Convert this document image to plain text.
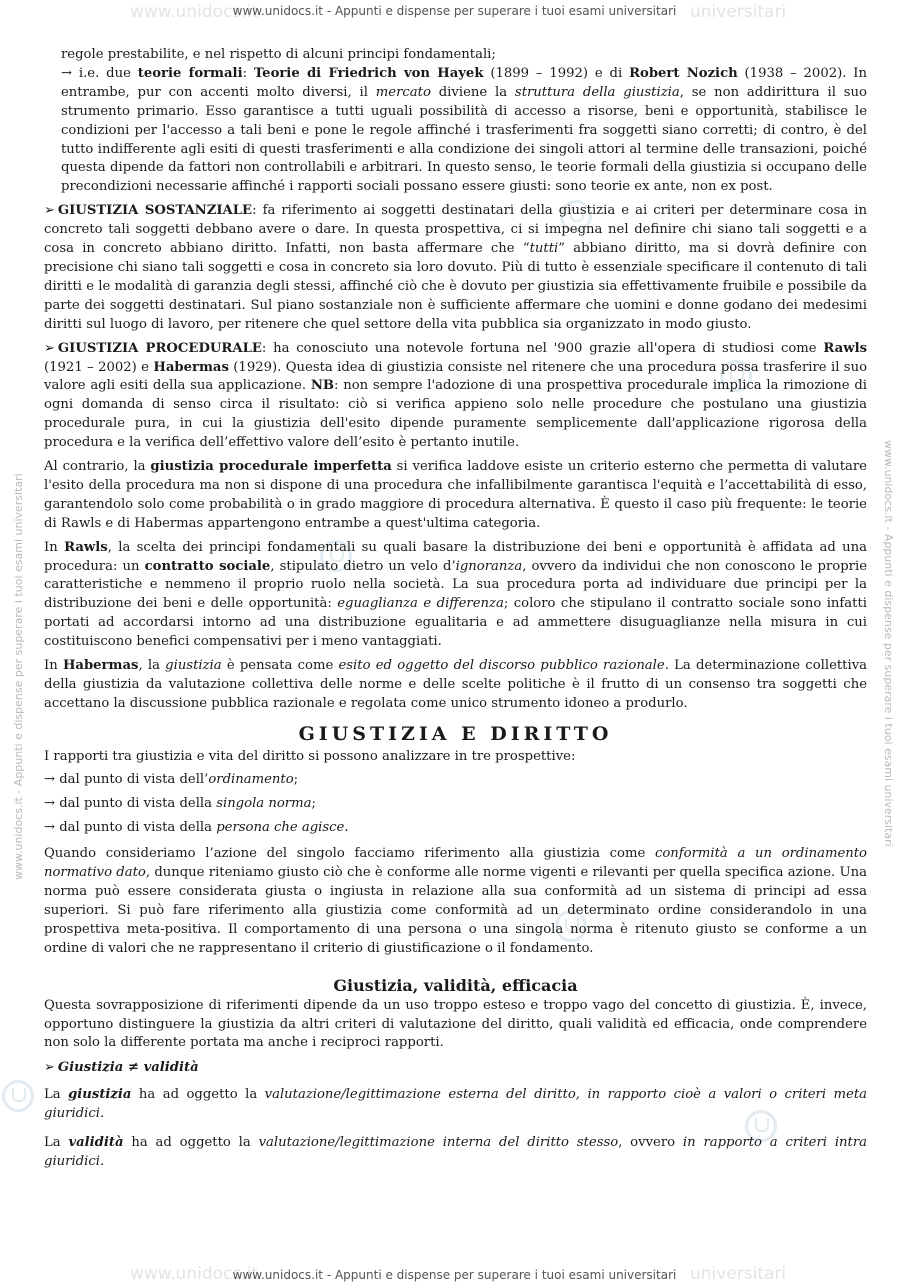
www.unidocs.it	universitari
www.unidocs.it - Appunti e dispense per superare i tuoi esami universitari
www.unidocs.it - Appunti e dispense per superare i tuoi esami universitari	www.unidocs.it - Appunti e dispense per superare i tuoi esami universitari

regole prestabilite, e nel rispetto di alcuni principi fondamentali;

→ i.e. due teorie formali: Teorie di Friedrich von Hayek (1899 – 1992) e di Robert Nozich (1938 – 2002). In entrambe, pur con accenti molto diversi, il mercato diviene la struttura della giustizia, se non addirittura il suo strumento primario. Esso garantisce a tutti uguali possibilità di accesso a risorse, beni e opportunità, stabilisce le condizioni per l'accesso a tali beni e pone le regole affinché i trasferimenti fra soggetti siano corretti; di contro, è del tutto indifferente agli esiti di questi trasferimenti e alla condizione dei singoli attori al termine delle transazioni, poiché questa dipende da fattori non controllabili e arbitrari. In questo senso, le teorie formali della giustizia si occupano delle precondizioni necessarie affinché i rapporti sociali possano essere giusti: sono teorie ex ante, non ex post.

➢ GIUSTIZIA SOSTANZIALE: fa riferimento ai soggetti destinatari della giustizia e ai criteri per determinare cosa in concreto tali soggetti debbano avere o dare. In questa prospettiva, ci si impegna nel definire chi siano tali soggetti e a cosa in concreto abbiano diritto. Infatti, non basta affermare che “tutti” abbiano diritto, ma si dovrà definire con precisione chi siano tali soggetti e cosa in concreto sia loro dovuto. Più di tutto è essenziale specificare il contenuto di tali diritti e le modalità di garanzia degli stessi, affinché ciò che è dovuto per giustizia sia effettivamente fruibile e possibile da parte dei soggetti destinatari. Sul piano sostanziale non è sufficiente affermare che uomini e donne godano dei medesimi diritti sul luogo di lavoro, per ritenere che quel settore della vita pubblica sia organizzato in modo giusto.

➢ GIUSTIZIA PROCEDURALE: ha conosciuto una notevole fortuna nel '900 grazie all'opera di studiosi come Rawls (1921 – 2002) e Habermas (1929). Questa idea di giustizia consiste nel ritenere che una procedura possa trasferire il suo valore agli esiti della sua applicazione. NB: non sempre l'adozione di una prospettiva procedurale implica la rimozione di ogni domanda di senso circa il risultato: ciò si verifica appieno solo nelle procedure che postulano una giustizia procedurale pura, in cui la giustizia dell'esito dipende puramente semplicemente dall'applicazione rigorosa della procedura e la verifica dell’effettivo valore dell’esito è pertanto inutile.

Al contrario, la giustizia procedurale imperfetta si verifica laddove esiste un criterio esterno che permetta di valutare l'esito della procedura ma non si dispone di una procedura che infallibilmente garantisca l'equità e l’accettabilità di esso, garantendolo solo come probabilità o in grado maggiore di procedura alternativa. È questo il caso più frequente: le teorie di Rawls e di Habermas appartengono entrambe a quest'ultima categoria.

In Rawls, la scelta dei principi fondamentali su quali basare la distribuzione dei beni e opportunità è affidata ad una procedura: un contratto sociale, stipulato dietro un velo d’ignoranza, ovvero da individui che non conoscono le proprie caratteristiche e nemmeno il proprio ruolo nella società. La sua procedura porta ad individuare due principi per la distribuzione dei beni e delle opportunità: eguaglianza e differenza; coloro che stipulano il contratto sociale sono infatti portati ad accordarsi intorno ad una distribuzione egualitaria e ad ammettere disuguaglianze nella misura in cui costituiscono benefici compensativi per i meno vantaggiati.

In Habermas, la giustizia è pensata come esito ed oggetto del discorso pubblico razionale. La determinazione collettiva della giustizia da valutazione collettiva delle norme e delle scelte politiche è il frutto di un consenso tra soggetti che accettano la discussione pubblica razionale e regolata come unico strumento idoneo a produrlo.

GIUSTIZIA E DIRITTO

I rapporti tra giustizia e vita del diritto si possono analizzare in tre prospettive:

→ dal punto di vista dell’ordinamento;

→ dal punto di vista della singola norma;

→ dal punto di vista della persona che agisce.

Quando consideriamo l’azione del singolo facciamo riferimento alla giustizia come conformità a un ordinamento normativo dato, dunque riteniamo giusto ciò che è conforme alle norme vigenti e rilevanti per quella specifica azione. Una norma può essere considerata giusta o ingiusta in relazione alla sua conformità ad un sistema di principi ad essa superiori. Si può fare riferimento alla giustizia come conformità ad un determinato ordine considerandolo in una prospettiva meta-positiva. Il comportamento di una persona o una singola norma è ritenuto giusto se conforme a un ordine di valori che ne rappresentano il criterio di giustificazione o il fondamento.

Giustizia, validità, efficacia

Questa sovrapposizione di riferimenti dipende da un uso troppo esteso e troppo vago del concetto di giustizia. È, invece, opportuno distinguere la giustizia da altri criteri di valutazione del diritto, quali validità ed efficacia, onde comprendere non solo la differente portata ma anche i reciproci rapporti.

➢ Giustizia ≠ validità

La giustizia ha ad oggetto la valutazione/legittimazione esterna del diritto, in rapporto cioè a valori o criteri meta giuridici.

La validità ha ad oggetto la valutazione/legittimazione interna del diritto stesso, ovvero in rapporto a criteri intra giuridici.

www.unidocs.it	universitari
www.unidocs.it - Appunti e dispense per superare i tuoi esami universitari
